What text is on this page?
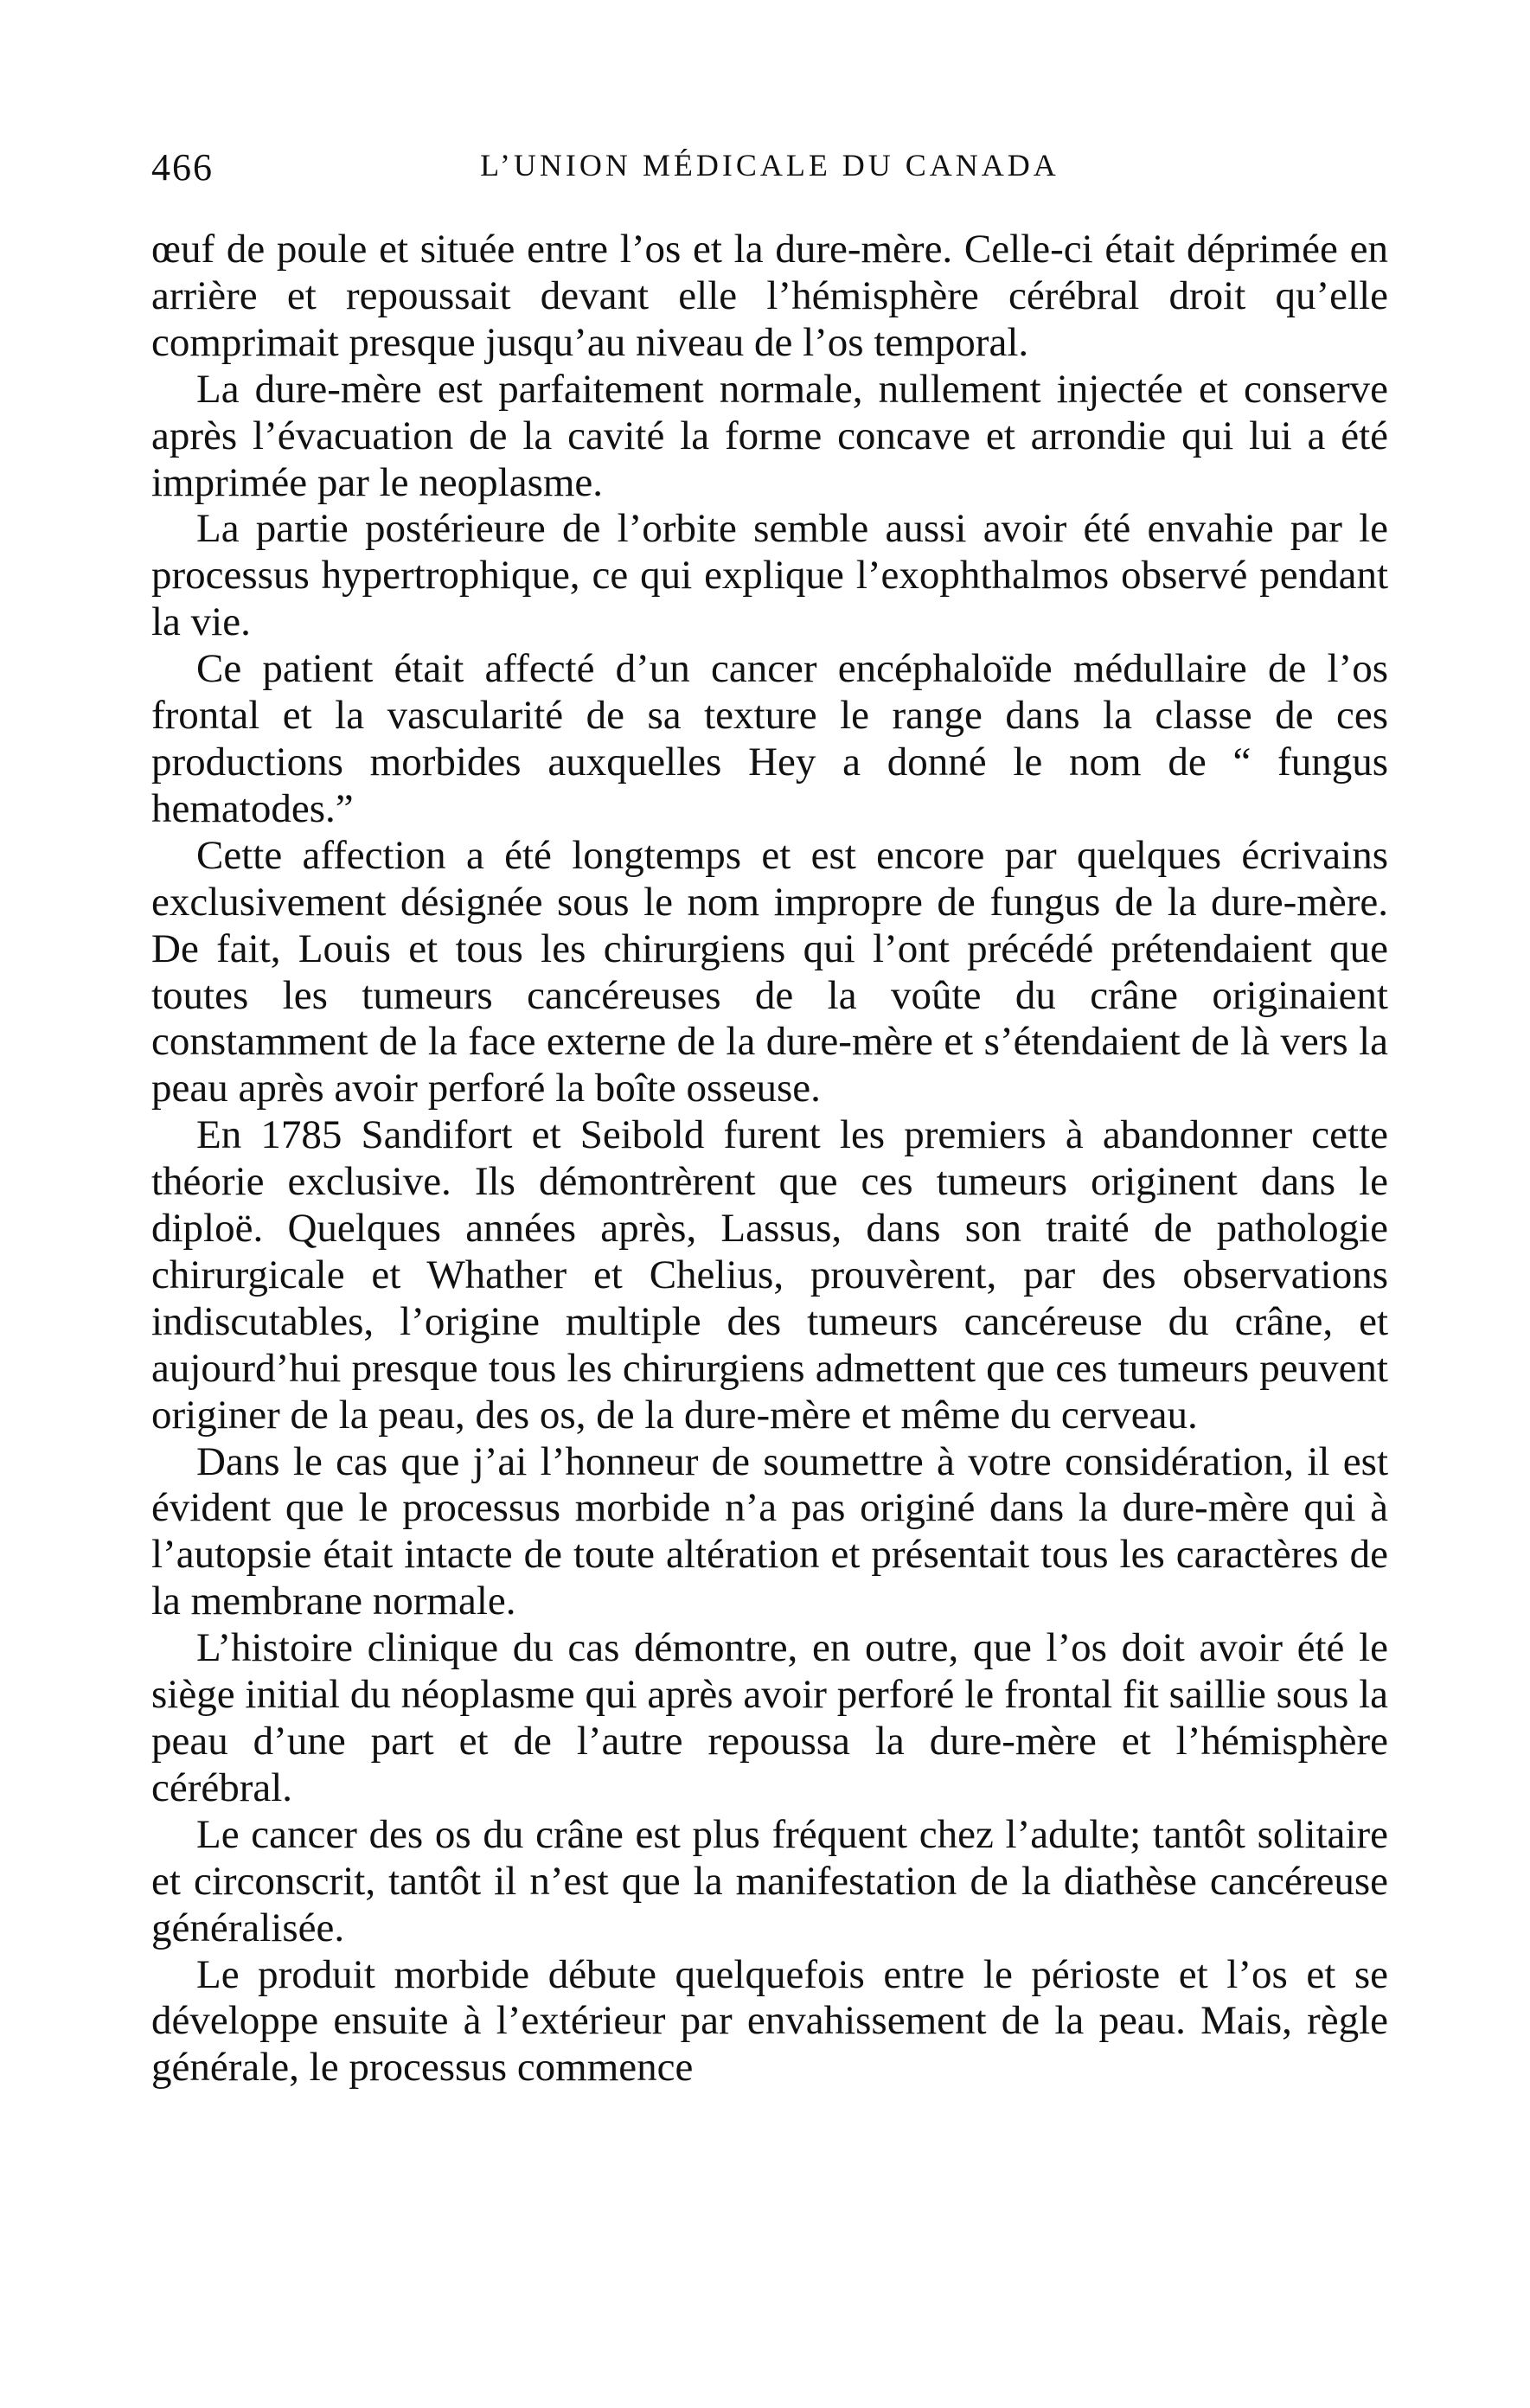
466	L’UNION MÉDICALE DU CANADA

œuf de poule et située entre l’os et la dure-mère. Celle-ci était déprimée en arrière et repoussait devant elle l’hémisphère cérébral droit qu’elle comprimait presque jusqu’au niveau de l’os temporal.

La dure-mère est parfaitement normale, nullement injectée et conserve après l’évacuation de la cavité la forme concave et arrondie qui lui a été imprimée par le neoplasme.

La partie postérieure de l’orbite semble aussi avoir été envahie par le processus hypertrophique, ce qui explique l’exophthalmos observé pendant la vie.

Ce patient était affecté d’un cancer encéphaloïde médullaire de l’os frontal et la vascularité de sa texture le range dans la classe de ces productions morbides auxquelles Hey a donné le nom de “ fungus hematodes.”

Cette affection a été longtemps et est encore par quelques écrivains exclusivement désignée sous le nom impropre de fungus de la dure-mère. De fait, Louis et tous les chirurgiens qui l’ont précédé prétendaient que toutes les tumeurs cancéreuses de la voûte du crâne originaient constamment de la face externe de la dure-mère et s’étendaient de là vers la peau après avoir perforé la boîte osseuse.

En 1785 Sandifort et Seibold furent les premiers à abandonner cette théorie exclusive. Ils démontrèrent que ces tumeurs originent dans le diploë. Quelques années après, Lassus, dans son traité de pathologie chirurgicale et Whather et Chelius, prouvèrent, par des observations indiscutables, l’origine multiple des tumeurs cancéreuse du crâne, et aujourd’hui presque tous les chirurgiens admettent que ces tumeurs peuvent originer de la peau, des os, de la dure-mère et même du cerveau.

Dans le cas que j’ai l’honneur de soumettre à votre considération, il est évident que le processus morbide n’a pas originé dans la dure-mère qui à l’autopsie était intacte de toute altération et présentait tous les caractères de la membrane normale.

L’histoire clinique du cas démontre, en outre, que l’os doit avoir été le siège initial du néoplasme qui après avoir perforé le frontal fit saillie sous la peau d’une part et de l’autre repoussa la dure-mère et l’hémisphère cérébral.

Le cancer des os du crâne est plus fréquent chez l’adulte; tantôt solitaire et circonscrit, tantôt il n’est que la manifestation de la diathèse cancéreuse généralisée.

Le produit morbide débute quelquefois entre le périoste et l’os et se développe ensuite à l’extérieur par envahissement de la peau. Mais, règle générale, le processus commence
